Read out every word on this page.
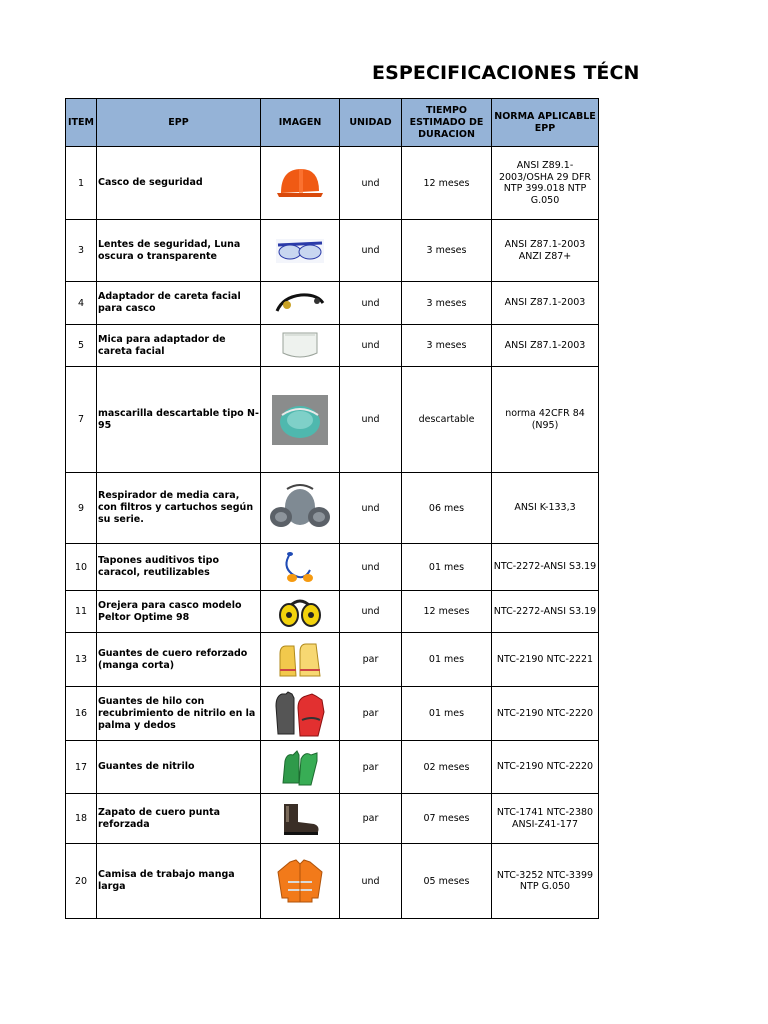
ESPECIFICACIONES TÉCN
ITEM	EPP	IMAGEN	UNIDAD	TIEMPO ESTIMADO DE DURACION	NORMA APLICABLE EPP
1	Casco de seguridad		und	12 meses	ANSI Z89.1-2003/OSHA 29 DFR NTP 399.018 NTP G.050
3	Lentes de seguridad, Luna oscura o transparente		und	3 meses	ANSI Z87.1-2003 ANZI Z87+
4	Adaptador de careta facial para casco		und	3 meses	ANSI Z87.1-2003
5	Mica para adaptador de careta facial		und	3 meses	ANSI Z87.1-2003
7	mascarilla descartable tipo N-95		und	descartable	norma 42CFR 84 (N95)
9	Respirador de media cara, con filtros y cartuchos según su serie.		und	06 mes	ANSI K-133,3
10	Tapones auditivos tipo caracol, reutilizables		und	01 mes	NTC-2272-ANSI S3.19
11	Orejera para casco modelo Peltor Optime 98		und	12 meses	NTC-2272-ANSI S3.19
13	Guantes de cuero reforzado (manga corta)		par	01 mes	NTC-2190 NTC-2221
16	Guantes de hilo con recubrimiento de nitrilo en la palma y dedos		par	01 mes	NTC-2190 NTC-2220
17	Guantes de nitrilo		par	02 meses	NTC-2190 NTC-2220
18	Zapato de cuero punta reforzada		par	07 meses	NTC-1741 NTC-2380 ANSI-Z41-177
20	Camisa de trabajo manga larga		und	05 meses	NTC-3252 NTC-3399 NTP G.050
